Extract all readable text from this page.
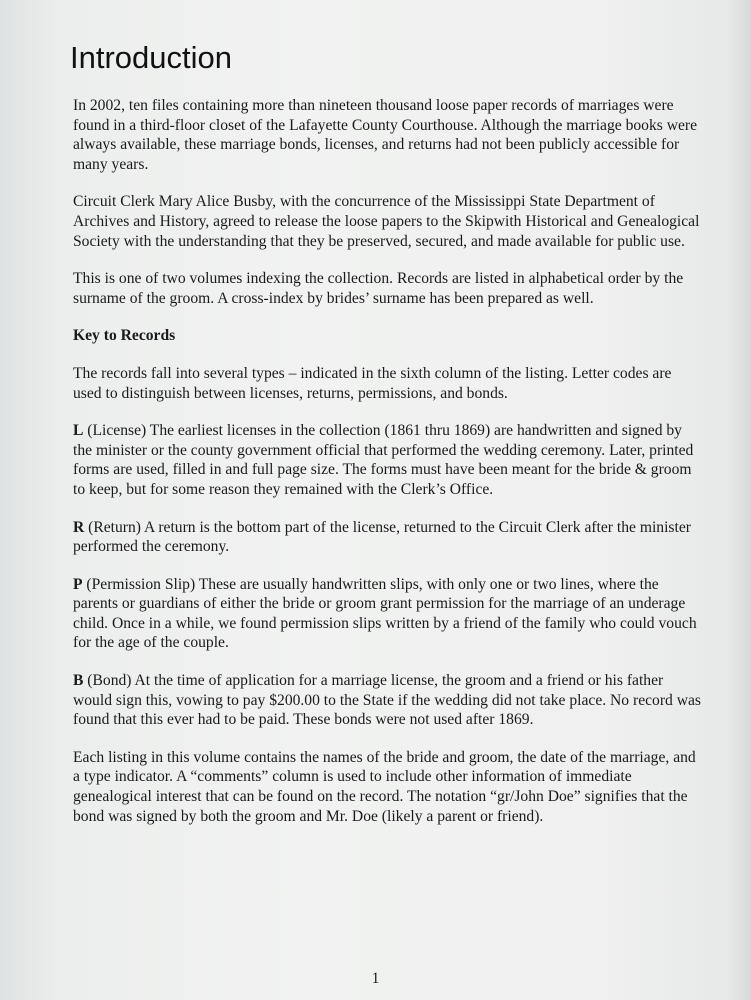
Introduction

In 2002, ten files containing more than nineteen thousand loose paper records of marriages were found in a third-floor closet of the Lafayette County Courthouse. Although the marriage books were always available, these marriage bonds, licenses, and returns had not been publicly accessible for many years.

Circuit Clerk Mary Alice Busby, with the concurrence of the Mississippi State Department of Archives and History, agreed to release the loose papers to the Skipwith Historical and Genealogical Society with the understanding that they be preserved, secured, and made available for public use.

This is one of two volumes indexing the collection. Records are listed in alphabetical order by the surname of the groom. A cross-index by brides’ surname has been prepared as well.

Key to Records

The records fall into several types – indicated in the sixth column of the listing. Letter codes are used to distinguish between licenses, returns, permissions, and bonds.

L (License) The earliest licenses in the collection (1861 thru 1869) are handwritten and signed by the minister or the county government official that performed the wedding ceremony. Later, printed forms are used, filled in and full page size. The forms must have been meant for the bride & groom to keep, but for some reason they remained with the Clerk’s Office.

R (Return) A return is the bottom part of the license, returned to the Circuit Clerk after the minister performed the ceremony.

P (Permission Slip) These are usually handwritten slips, with only one or two lines, where the parents or guardians of either the bride or groom grant permission for the marriage of an underage child. Once in a while, we found permission slips written by a friend of the family who could vouch for the age of the couple.

B (Bond) At the time of application for a marriage license, the groom and a friend or his father would sign this, vowing to pay $200.00 to the State if the wedding did not take place. No record was found that this ever had to be paid. These bonds were not used after 1869.

Each listing in this volume contains the names of the bride and groom, the date of the marriage, and a type indicator. A “comments” column is used to include other information of immediate genealogical interest that can be found on the record. The notation “gr/John Doe” signifies that the bond was signed by both the groom and Mr. Doe (likely a parent or friend).

1
